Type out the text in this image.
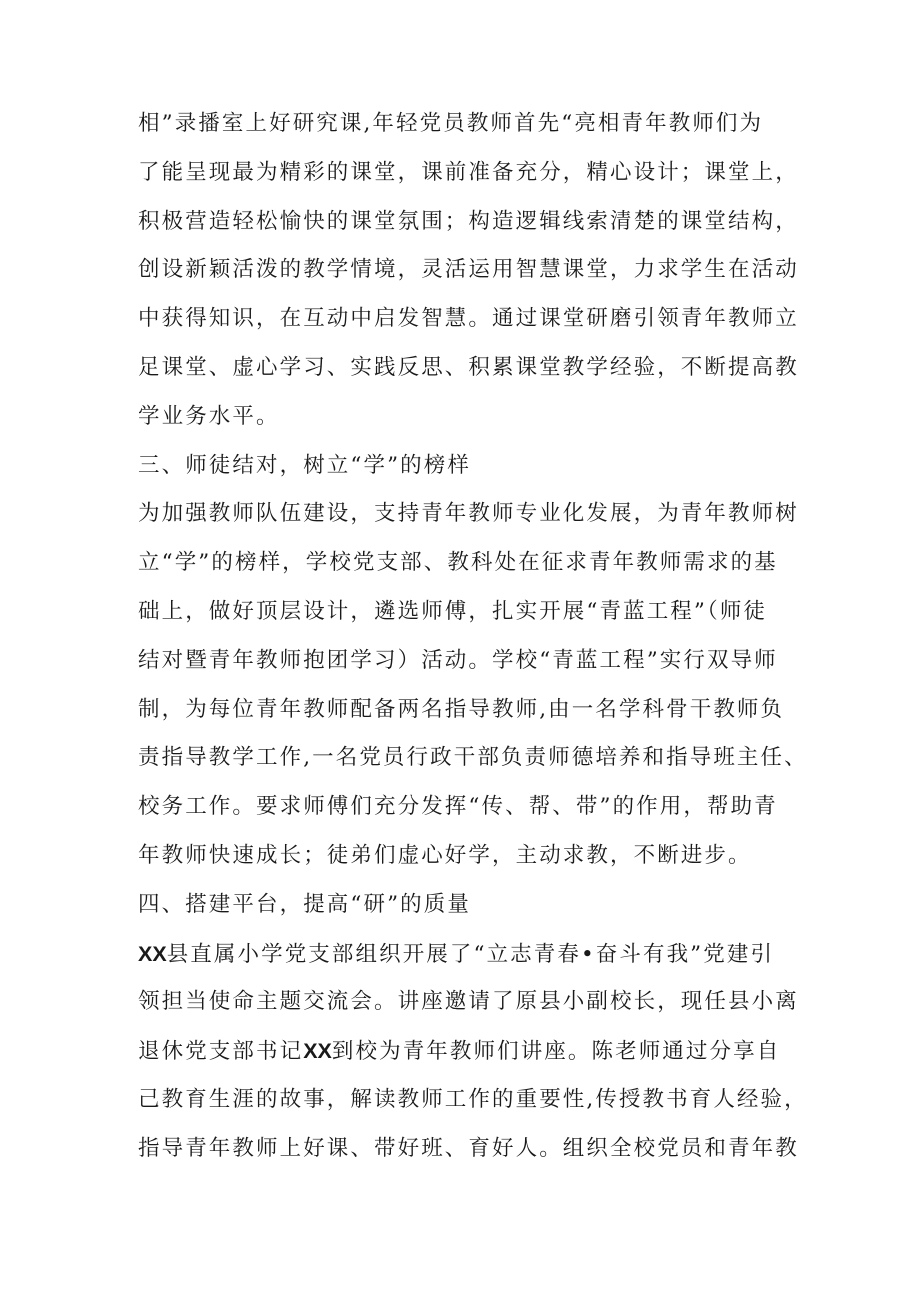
相”录播室上好研究课,年轻党员教师首先“亮相青年教师们为
了能呈现最为精彩的课堂，课前准备充分，精心设计；课堂上，
积极营造轻松愉快的课堂氛围；构造逻辑线索清楚的课堂结构，
创设新颖活泼的教学情境，灵活运用智慧课堂，力求学生在活动
中获得知识，在互动中启发智慧。通过课堂研磨引领青年教师立
足课堂、虚心学习、实践反思、积累课堂教学经验，不断提高教
学业务水平。
三、师徒结对，树立“学”的榜样
为加强教师队伍建设，支持青年教师专业化发展，为青年教师树
立“学”的榜样，学校党支部、教科处在征求青年教师需求的基
础上，做好顶层设计，遴选师傅，扎实开展“青蓝工程”（师徒
结对暨青年教师抱团学习）活动。学校“青蓝工程”实行双导师
制，为每位青年教师配备两名指导教师,由一名学科骨干教师负
责指导教学工作,一名党员行政干部负责师德培养和指导班主任、
校务工作。要求师傅们充分发挥“传、帮、带”的作用，帮助青
年教师快速成长；徒弟们虚心好学，主动求教，不断进步。
四、搭建平台，提高“研”的质量
XX县直属小学党支部组织开展了“立志青春•奋斗有我”党建引
领担当使命主题交流会。讲座邀请了原县小副校长，现任县小离
退休党支部书记XX到校为青年教师们讲座。陈老师通过分享自
己教育生涯的故事，解读教师工作的重要性,传授教书育人经验，
指导青年教师上好课、带好班、育好人。组织全校党员和青年教
